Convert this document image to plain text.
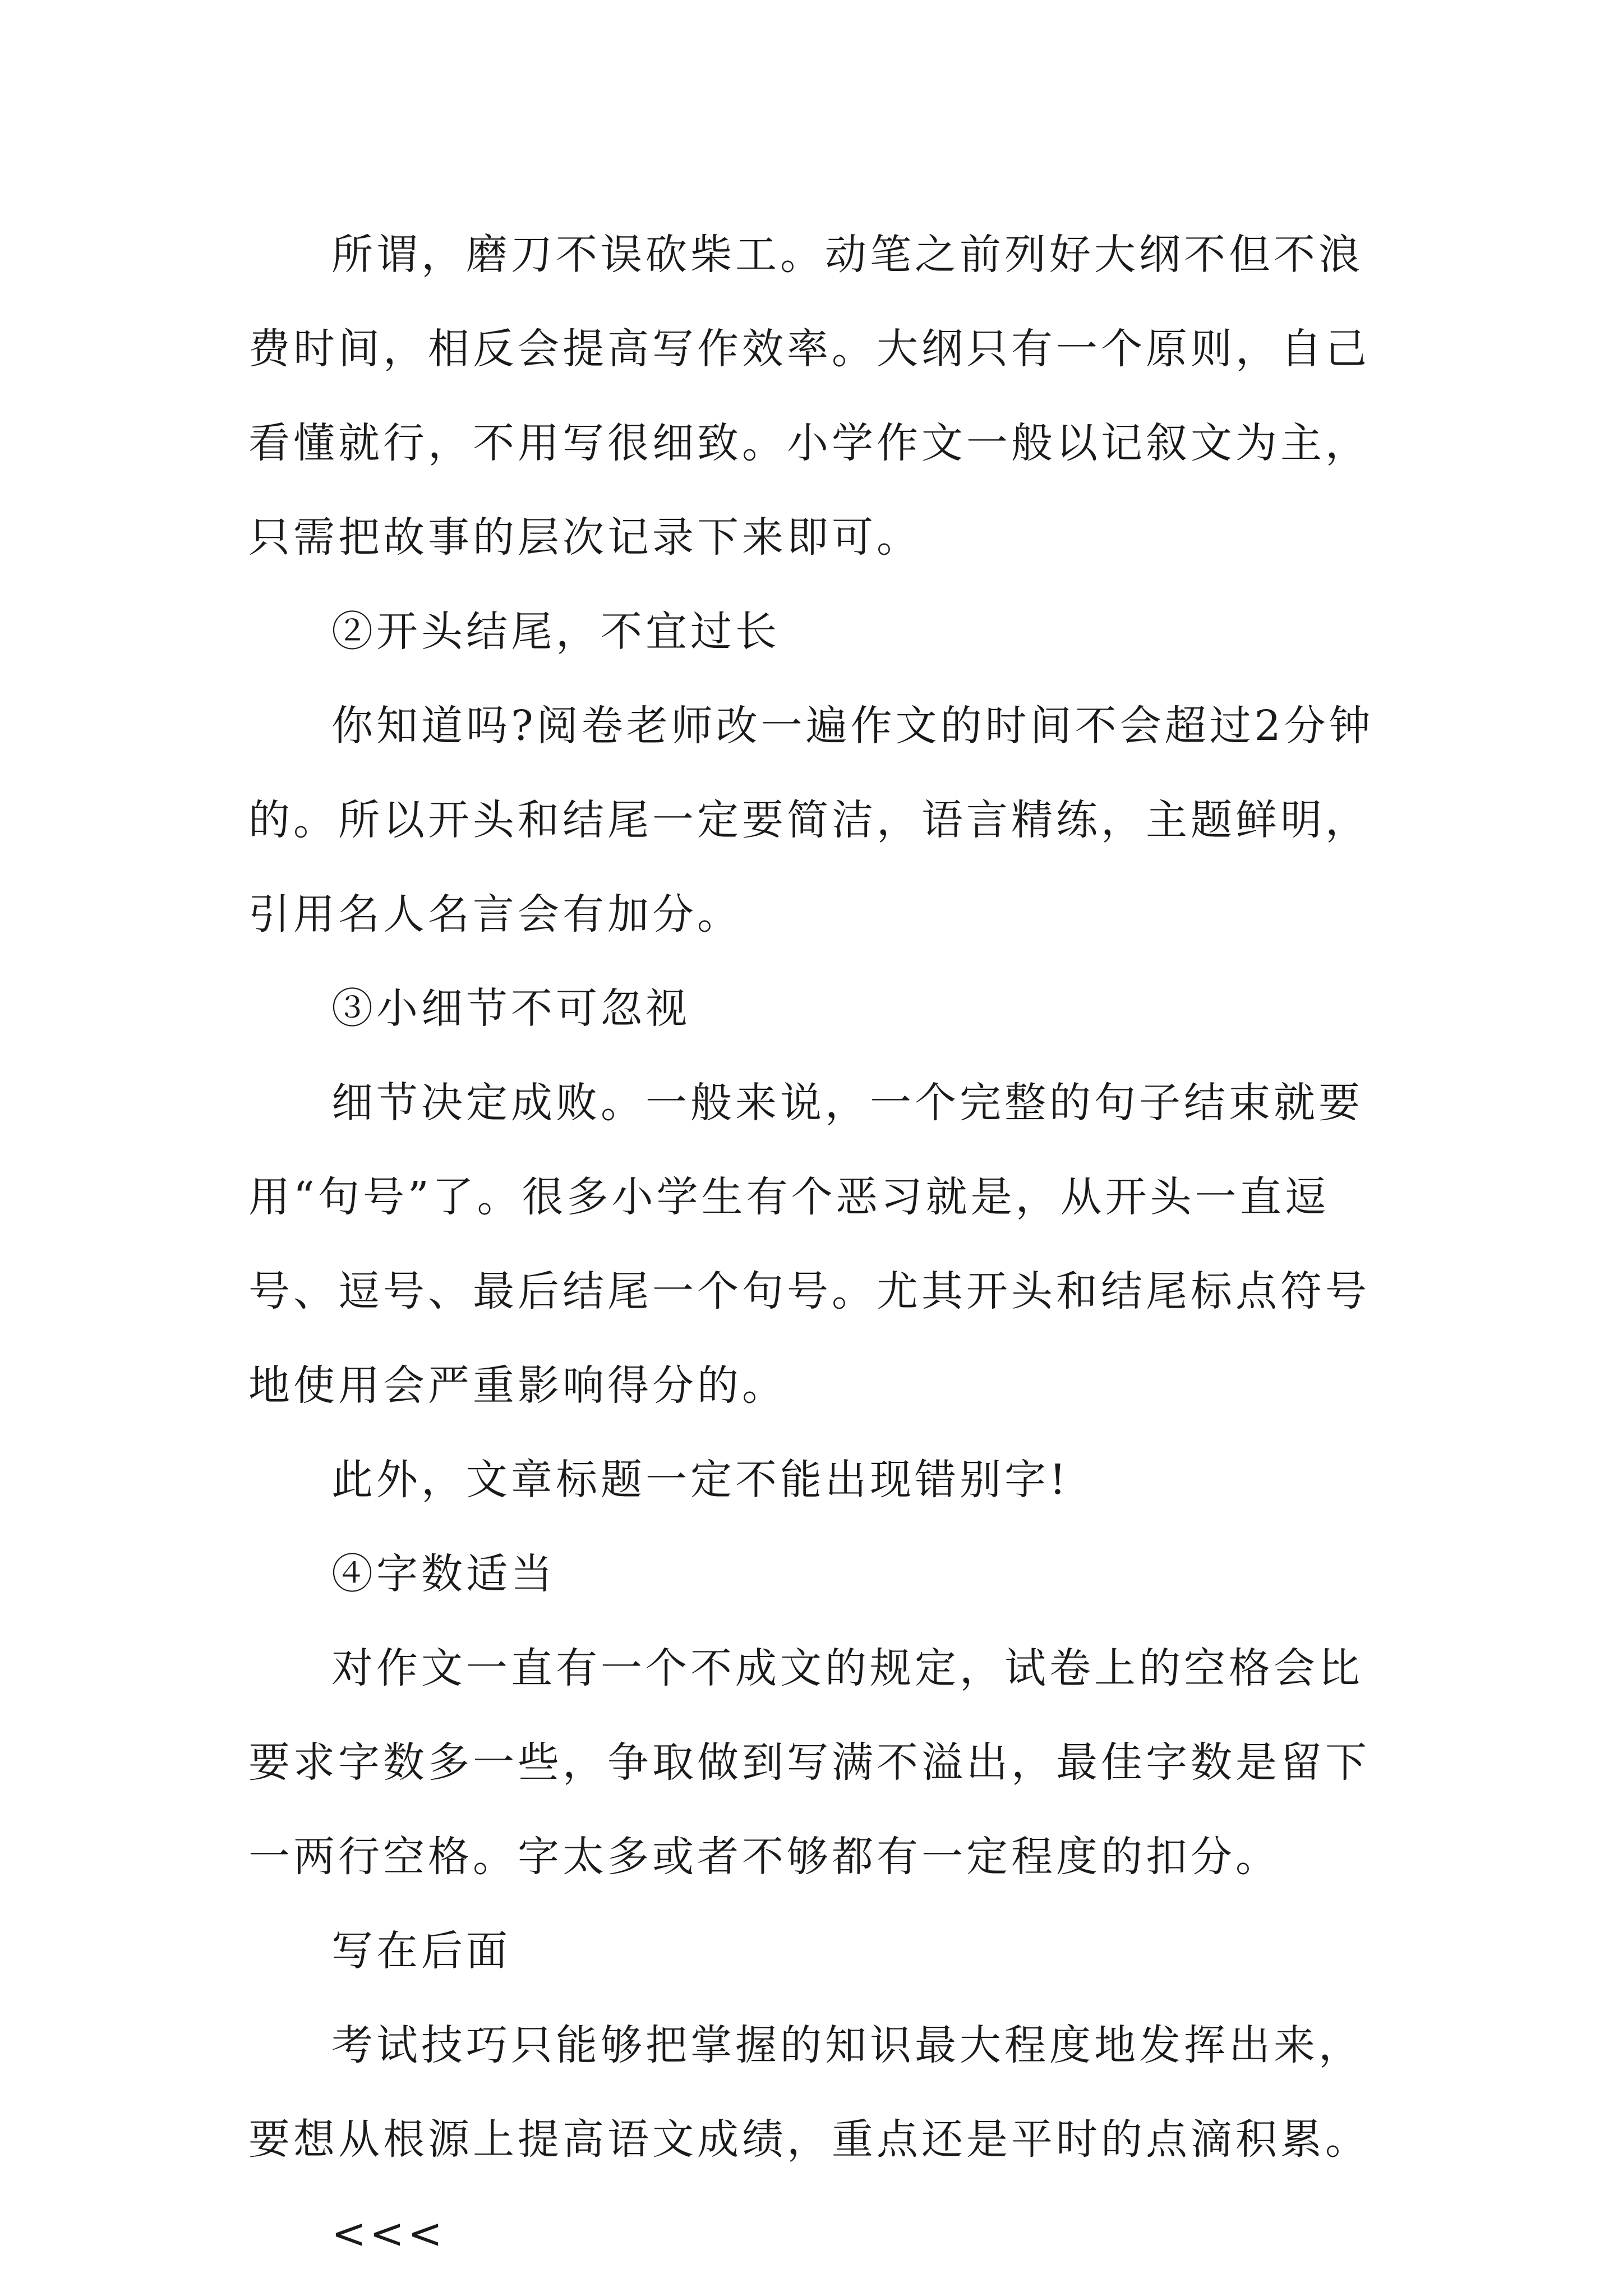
所谓，磨刀不误砍柴工。动笔之前列好大纲不但不浪费时间，相反会提高写作效率。大纲只有一个原则，自己看懂就行，不用写很细致。小学作文一般以记叙文为主，只需把故事的层次记录下来即可。

②开头结尾，不宜过长

你知道吗?阅卷老师改一遍作文的时间不会超过2分钟的。所以开头和结尾一定要简洁，语言精练，主题鲜明，引用名人名言会有加分。

③小细节不可忽视

细节决定成败。一般来说，一个完整的句子结束就要用“句号”了。很多小学生有个恶习就是，从开头一直逗号、逗号、最后结尾一个句号。尤其开头和结尾标点符号地使用会严重影响得分的。

此外，文章标题一定不能出现错别字!

④字数适当

对作文一直有一个不成文的规定，试卷上的空格会比要求字数多一些，争取做到写满不溢出，最佳字数是留下一两行空格。字太多或者不够都有一定程度的扣分。

写在后面

考试技巧只能够把掌握的知识最大程度地发挥出来，要想从根源上提高语文成绩，重点还是平时的点滴积累。

<<<
